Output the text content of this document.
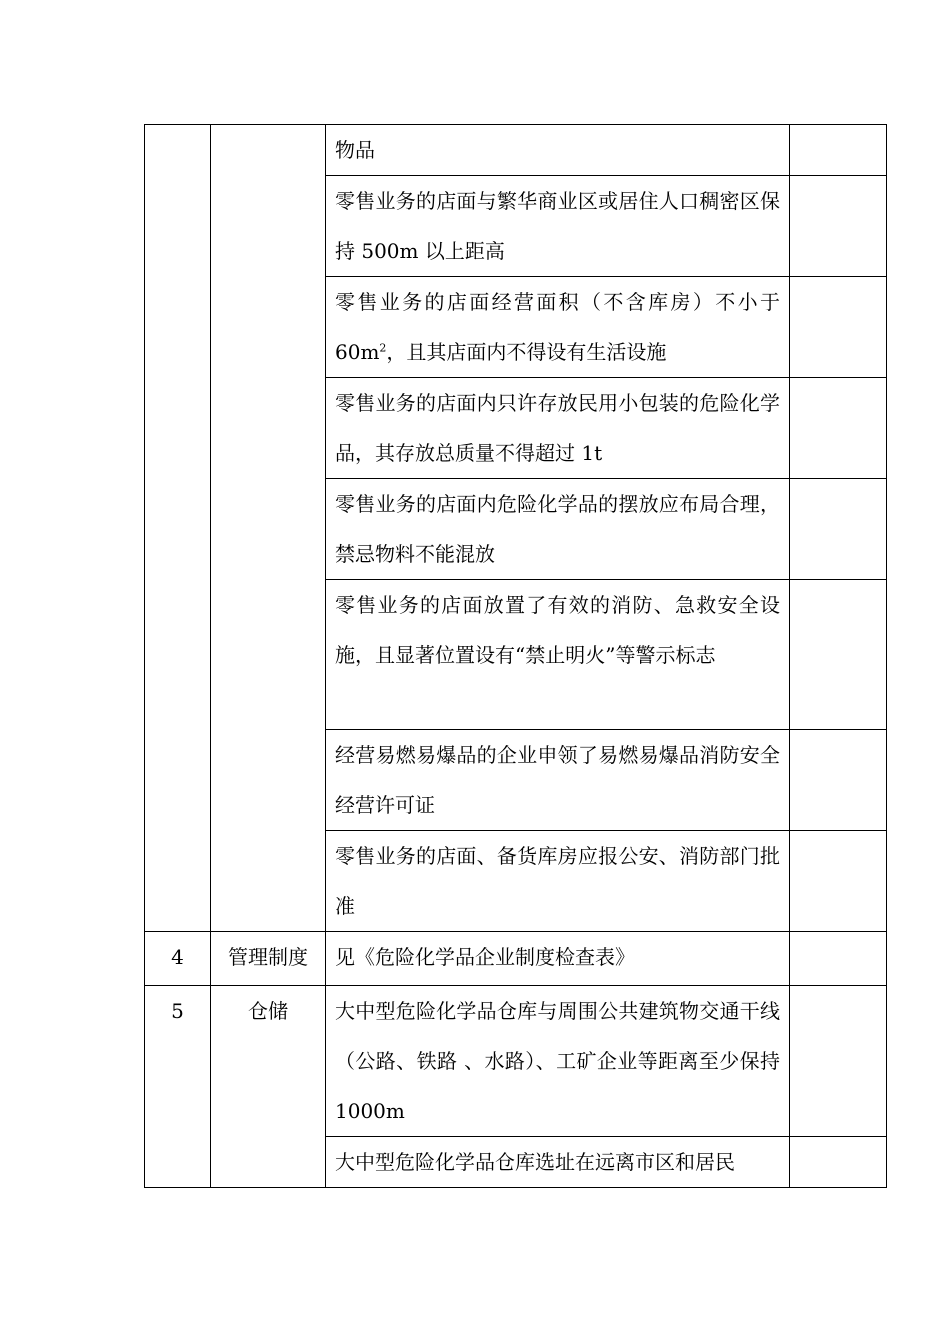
		物品	
		零售业务的店面与繁华商业区或居住人口稠密区保持 500m 以上距高	
		零售业务的店面经营面积（不含库房）不小于 $60m^2$，且其店面内不得设有生活设施	
		零售业务的店面内只许存放民用小包装的危险化学品，其存放总质量不得超过 1t	
		零售业务的店面内危险化学品的摆放应布局合理，禁忌物料不能混放	
		零售业务的店面放置了有效的消防、急救安全设施，且显著位置设有“禁止明火”等警示标志	
		经营易燃易爆品的企业申领了易燃易爆品消防安全经营许可证	
		零售业务的店面、备货库房应报公安、消防部门批准	
4	管理制度	见《危险化学品企业制度检查表》	
5	仓储	大中型危险化学品仓库与周围公共建筑物交通干线（公路、铁路 、水路）、工矿企业等距离至少保持 1000m	
		大中型危险化学品仓库选址在远离市区和居民	
